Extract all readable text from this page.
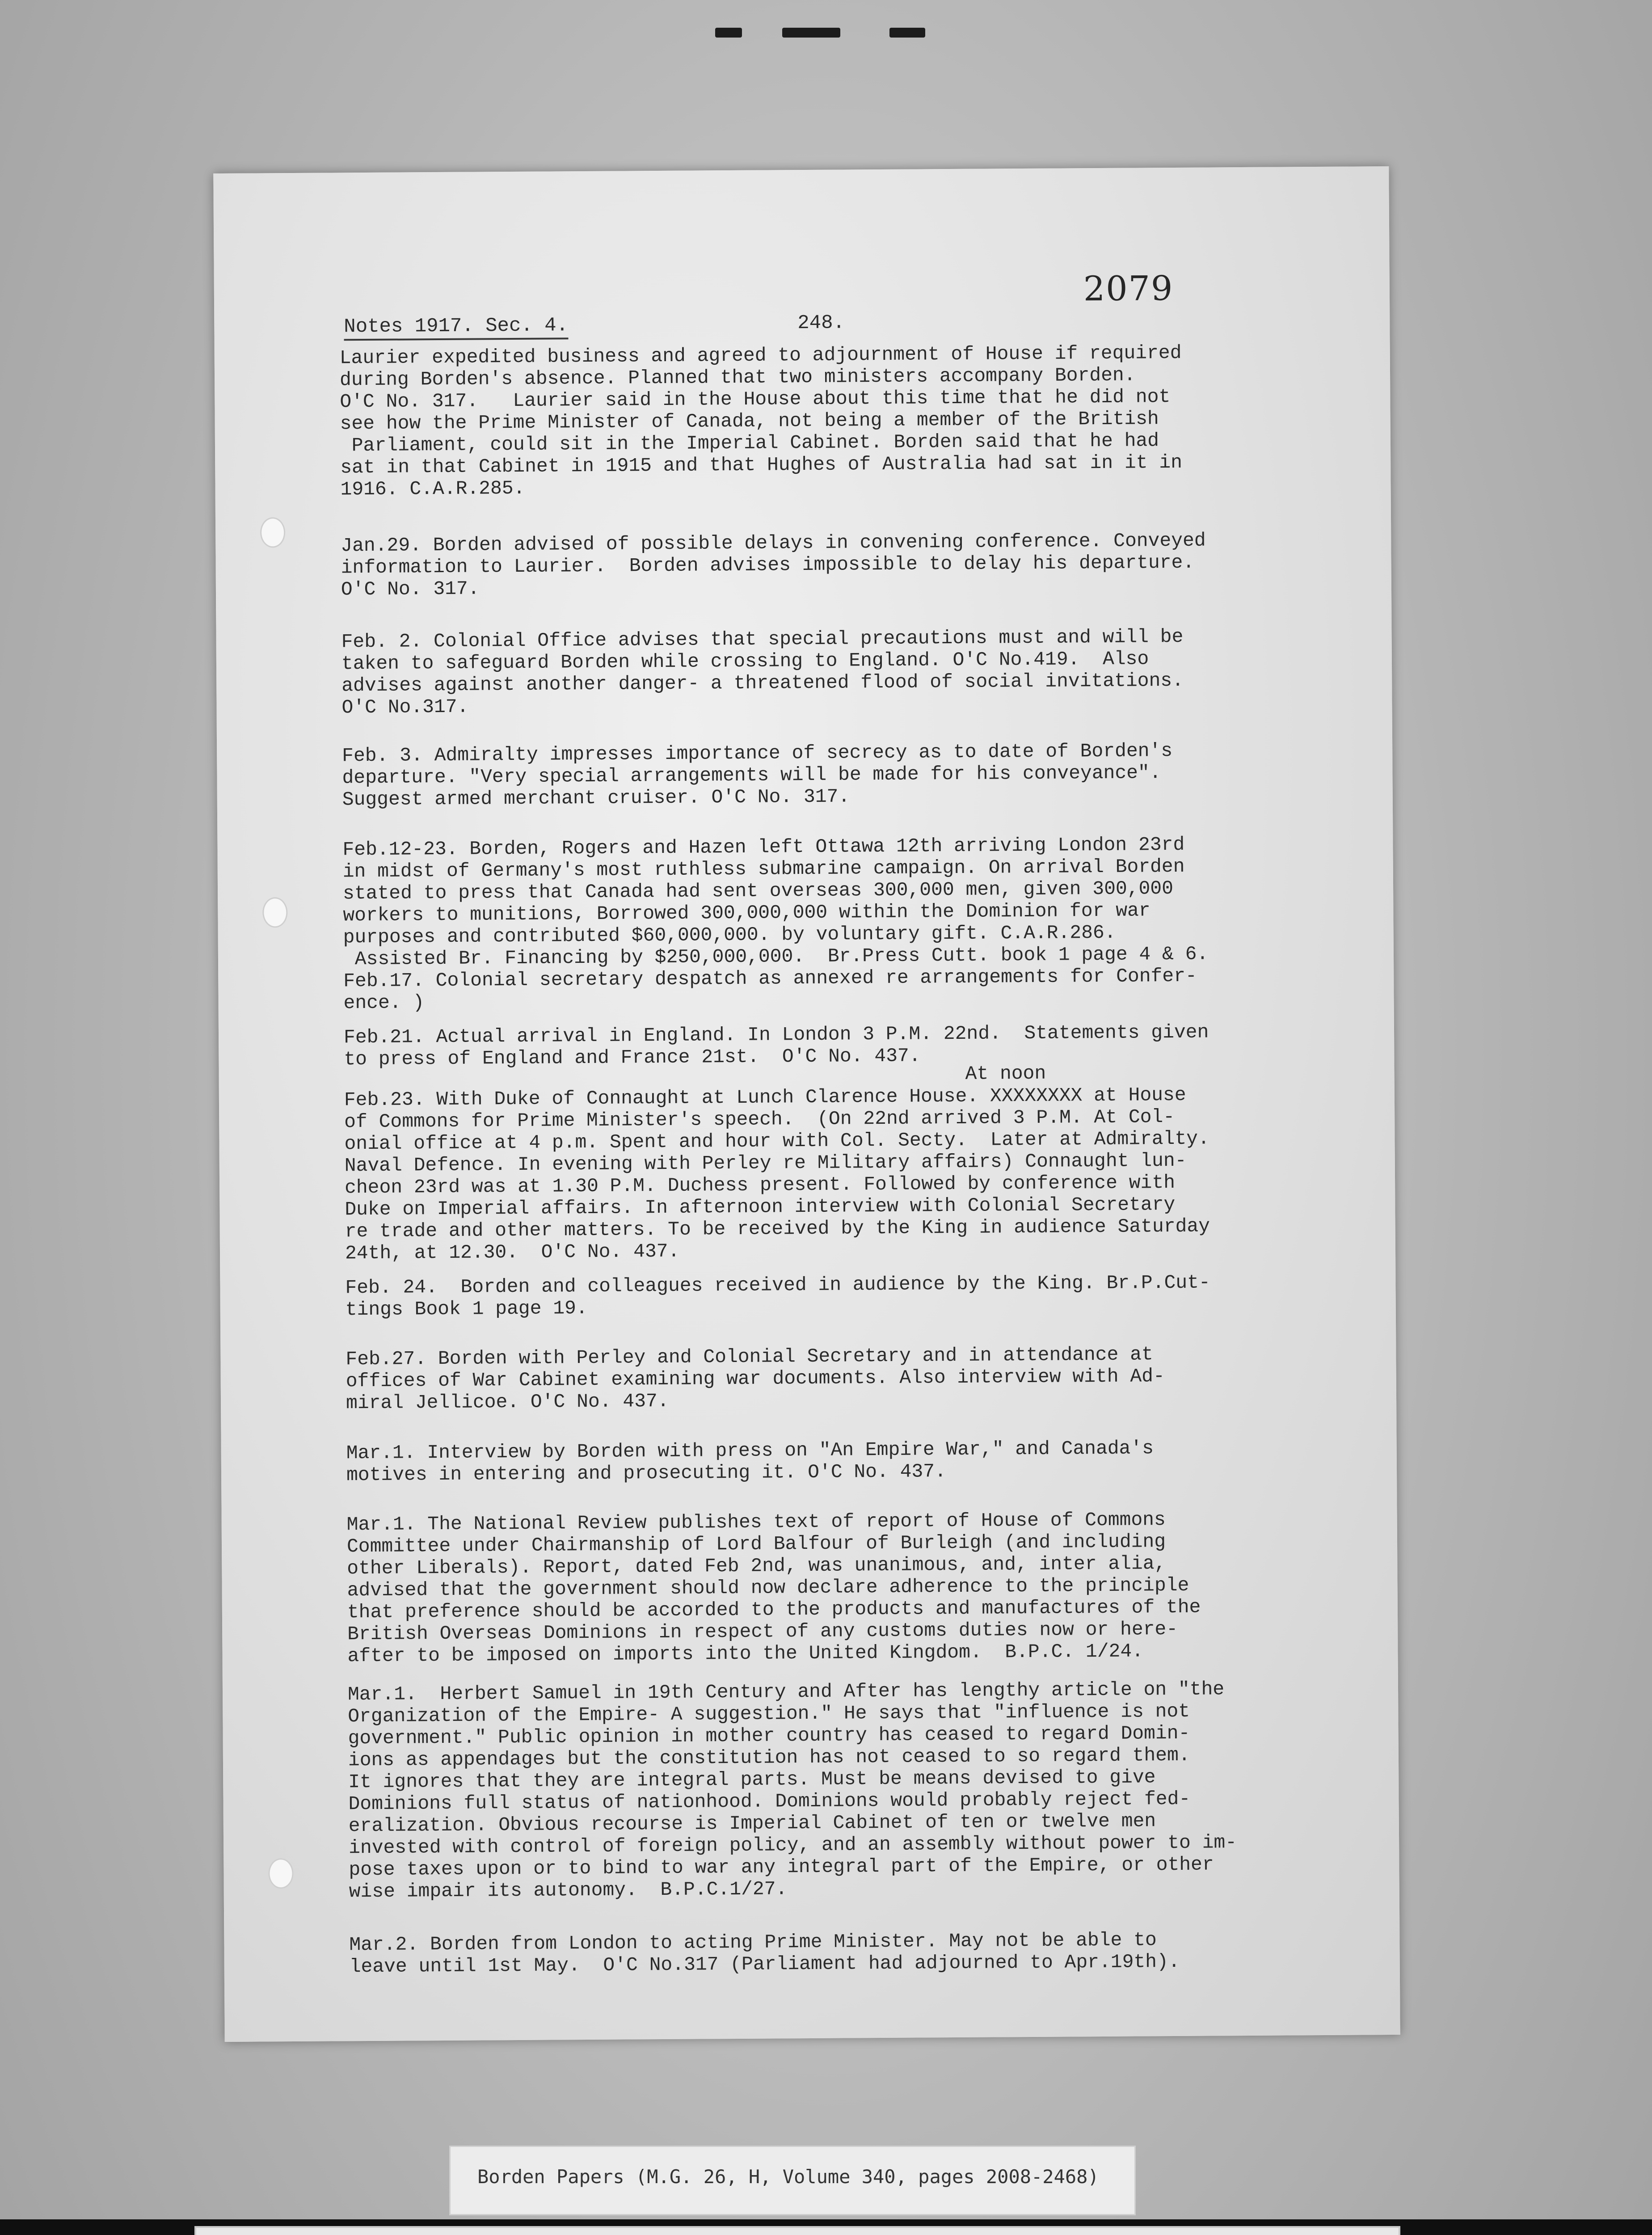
2079
Notes 1917. Sec. 4.	248.
Laurier expedited business and agreed to adjournment of House if required
during Borden's absence. Planned that two ministers accompany Borden.
O'C No. 317.   Laurier said in the House about this time that he did not
see how the Prime Minister of Canada, not being a member of the British
Parliament, could sit in the Imperial Cabinet. Borden said that he had
sat in that Cabinet in 1915 and that Hughes of Australia had sat in it in
1916. C.A.R.285.
Jan.29. Borden advised of possible delays in convening conference. Conveyed
information to Laurier.  Borden advises impossible to delay his departure.
O'C No. 317.
Feb. 2. Colonial Office advises that special precautions must and will be
taken to safeguard Borden while crossing to England. O'C No.419.  Also
advises against another danger- a threatened flood of social invitations.
O'C No.317.
Feb. 3. Admiralty impresses importance of secrecy as to date of Borden's
departure. "Very special arrangements will be made for his conveyance".
Suggest armed merchant cruiser. O'C No. 317.
Feb.12-23. Borden, Rogers and Hazen left Ottawa 12th arriving London 23rd
in midst of Germany's most ruthless submarine campaign. On arrival Borden
stated to press that Canada had sent overseas 300,000 men, given 300,000
workers to munitions, Borrowed 300,000,000 within the Dominion for war
purposes and contributed $60,000,000. by voluntary gift. C.A.R.286.
Assisted Br. Financing by $250,000,000.  Br.Press Cutt. book 1 page 4 & 6.
Feb.17. Colonial secretary despatch as annexed re arrangements for Confer-
ence. )
Feb.21. Actual arrival in England. In London 3 P.M. 22nd.  Statements given
to press of England and France 21st.  O'C No. 437.
At noon
Feb.23. With Duke of Connaught at Lunch Clarence House. XXXXXXXX at House
of Commons for Prime Minister's speech.  (On 22nd arrived 3 P.M. At Col-
onial office at 4 p.m. Spent and hour with Col. Secty.  Later at Admiralty.
Naval Defence. In evening with Perley re Military affairs) Connaught lun-
cheon 23rd was at 1.30 P.M. Duchess present. Followed by conference with
Duke on Imperial affairs. In afternoon interview with Colonial Secretary
re trade and other matters. To be received by the King in audience Saturday
24th, at 12.30.  O'C No. 437.
Feb. 24.  Borden and colleagues received in audience by the King. Br.P.Cut-
tings Book 1 page 19.
Feb.27. Borden with Perley and Colonial Secretary and in attendance at
offices of War Cabinet examining war documents. Also interview with Ad-
miral Jellicoe. O'C No. 437.
Mar.1. Interview by Borden with press on "An Empire War," and Canada's
motives in entering and prosecuting it. O'C No. 437.
Mar.1. The National Review publishes text of report of House of Commons
Committee under Chairmanship of Lord Balfour of Burleigh (and including
other Liberals). Report, dated Feb 2nd, was unanimous, and, inter alia,
advised that the government should now declare adherence to the principle
that preference should be accorded to the products and manufactures of the
British Overseas Dominions in respect of any customs duties now or here-
after to be imposed on imports into the United Kingdom.  B.P.C. 1/24.
Mar.1.  Herbert Samuel in 19th Century and After has lengthy article on "the
Organization of the Empire- A suggestion." He says that "influence is not
government." Public opinion in mother country has ceased to regard Domin-
ions as appendages but the constitution has not ceased to so regard them.
It ignores that they are integral parts. Must be means devised to give
Dominions full status of nationhood. Dominions would probably reject fed-
eralization. Obvious recourse is Imperial Cabinet of ten or twelve men
invested with control of foreign policy, and an assembly without power to im-
pose taxes upon or to bind to war any integral part of the Empire, or other
wise impair its autonomy.  B.P.C.1/27.
Mar.2. Borden from London to acting Prime Minister. May not be able to
leave until 1st May.  O'C No.317 (Parliament had adjourned to Apr.19th).
Borden Papers (M.G. 26, H, Volume 340, pages 2008-2468)
